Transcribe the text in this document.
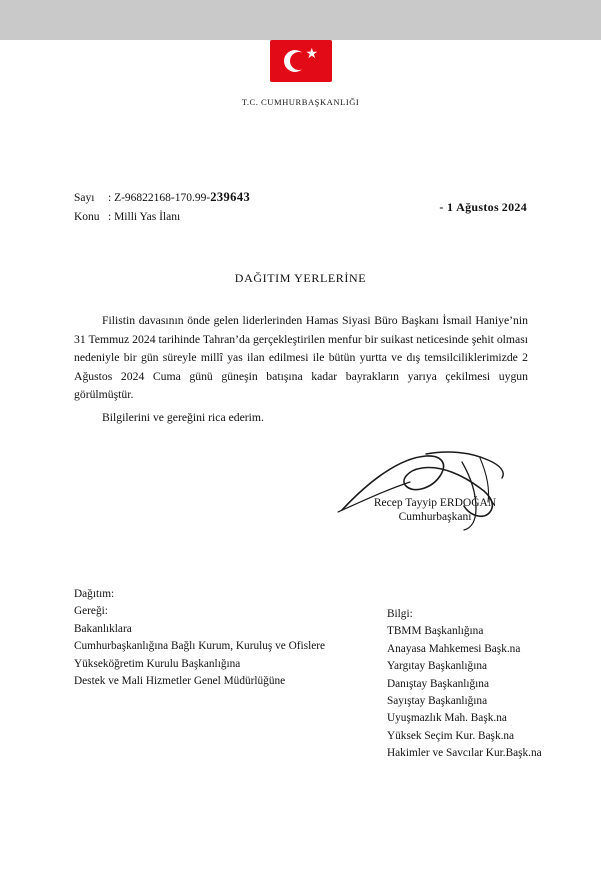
T.C. CUMHURBAŞKANLIĞI
Sayı : Z-96822168-170.99-239643
Konu : Milli Yas İlanı
- 1 Ağustos 2024
DAĞITIM YERLERİNE

Filistin davasının önde gelen liderlerinden Hamas Siyasi Büro Başkanı İsmail Haniye’nin 31 Temmuz 2024 tarihinde Tahran’da gerçekleştirilen menfur bir suikast neticesinde şehit olması nedeniyle bir gün süreyle millî yas ilan edilmesi ile bütün yurtta ve dış temsilciliklerimizde 2 Ağustos 2024 Cuma günü güneşin batışına kadar bayrakların yarıya çekilmesi uygun görülmüştür.

Bilgilerini ve gereğini rica ederim.

Recep Tayyip ERDOĞAN
Cumhurbaşkanı
Dağıtım:
Gereği:
Bakanlıklara
Cumhurbaşkanlığına Bağlı Kurum, Kuruluş ve Ofislere
Yükseköğretim Kurulu Başkanlığına
Destek ve Mali Hizmetler Genel Müdürlüğüne
Bilgi:
TBMM Başkanlığına
Anayasa Mahkemesi Başk.na
Yargıtay Başkanlığına
Danıştay Başkanlığına
Sayıştay Başkanlığına
Uyuşmazlık Mah. Başk.na
Yüksek Seçim Kur. Başk.na
Hakimler ve Savcılar Kur.Başk.na
